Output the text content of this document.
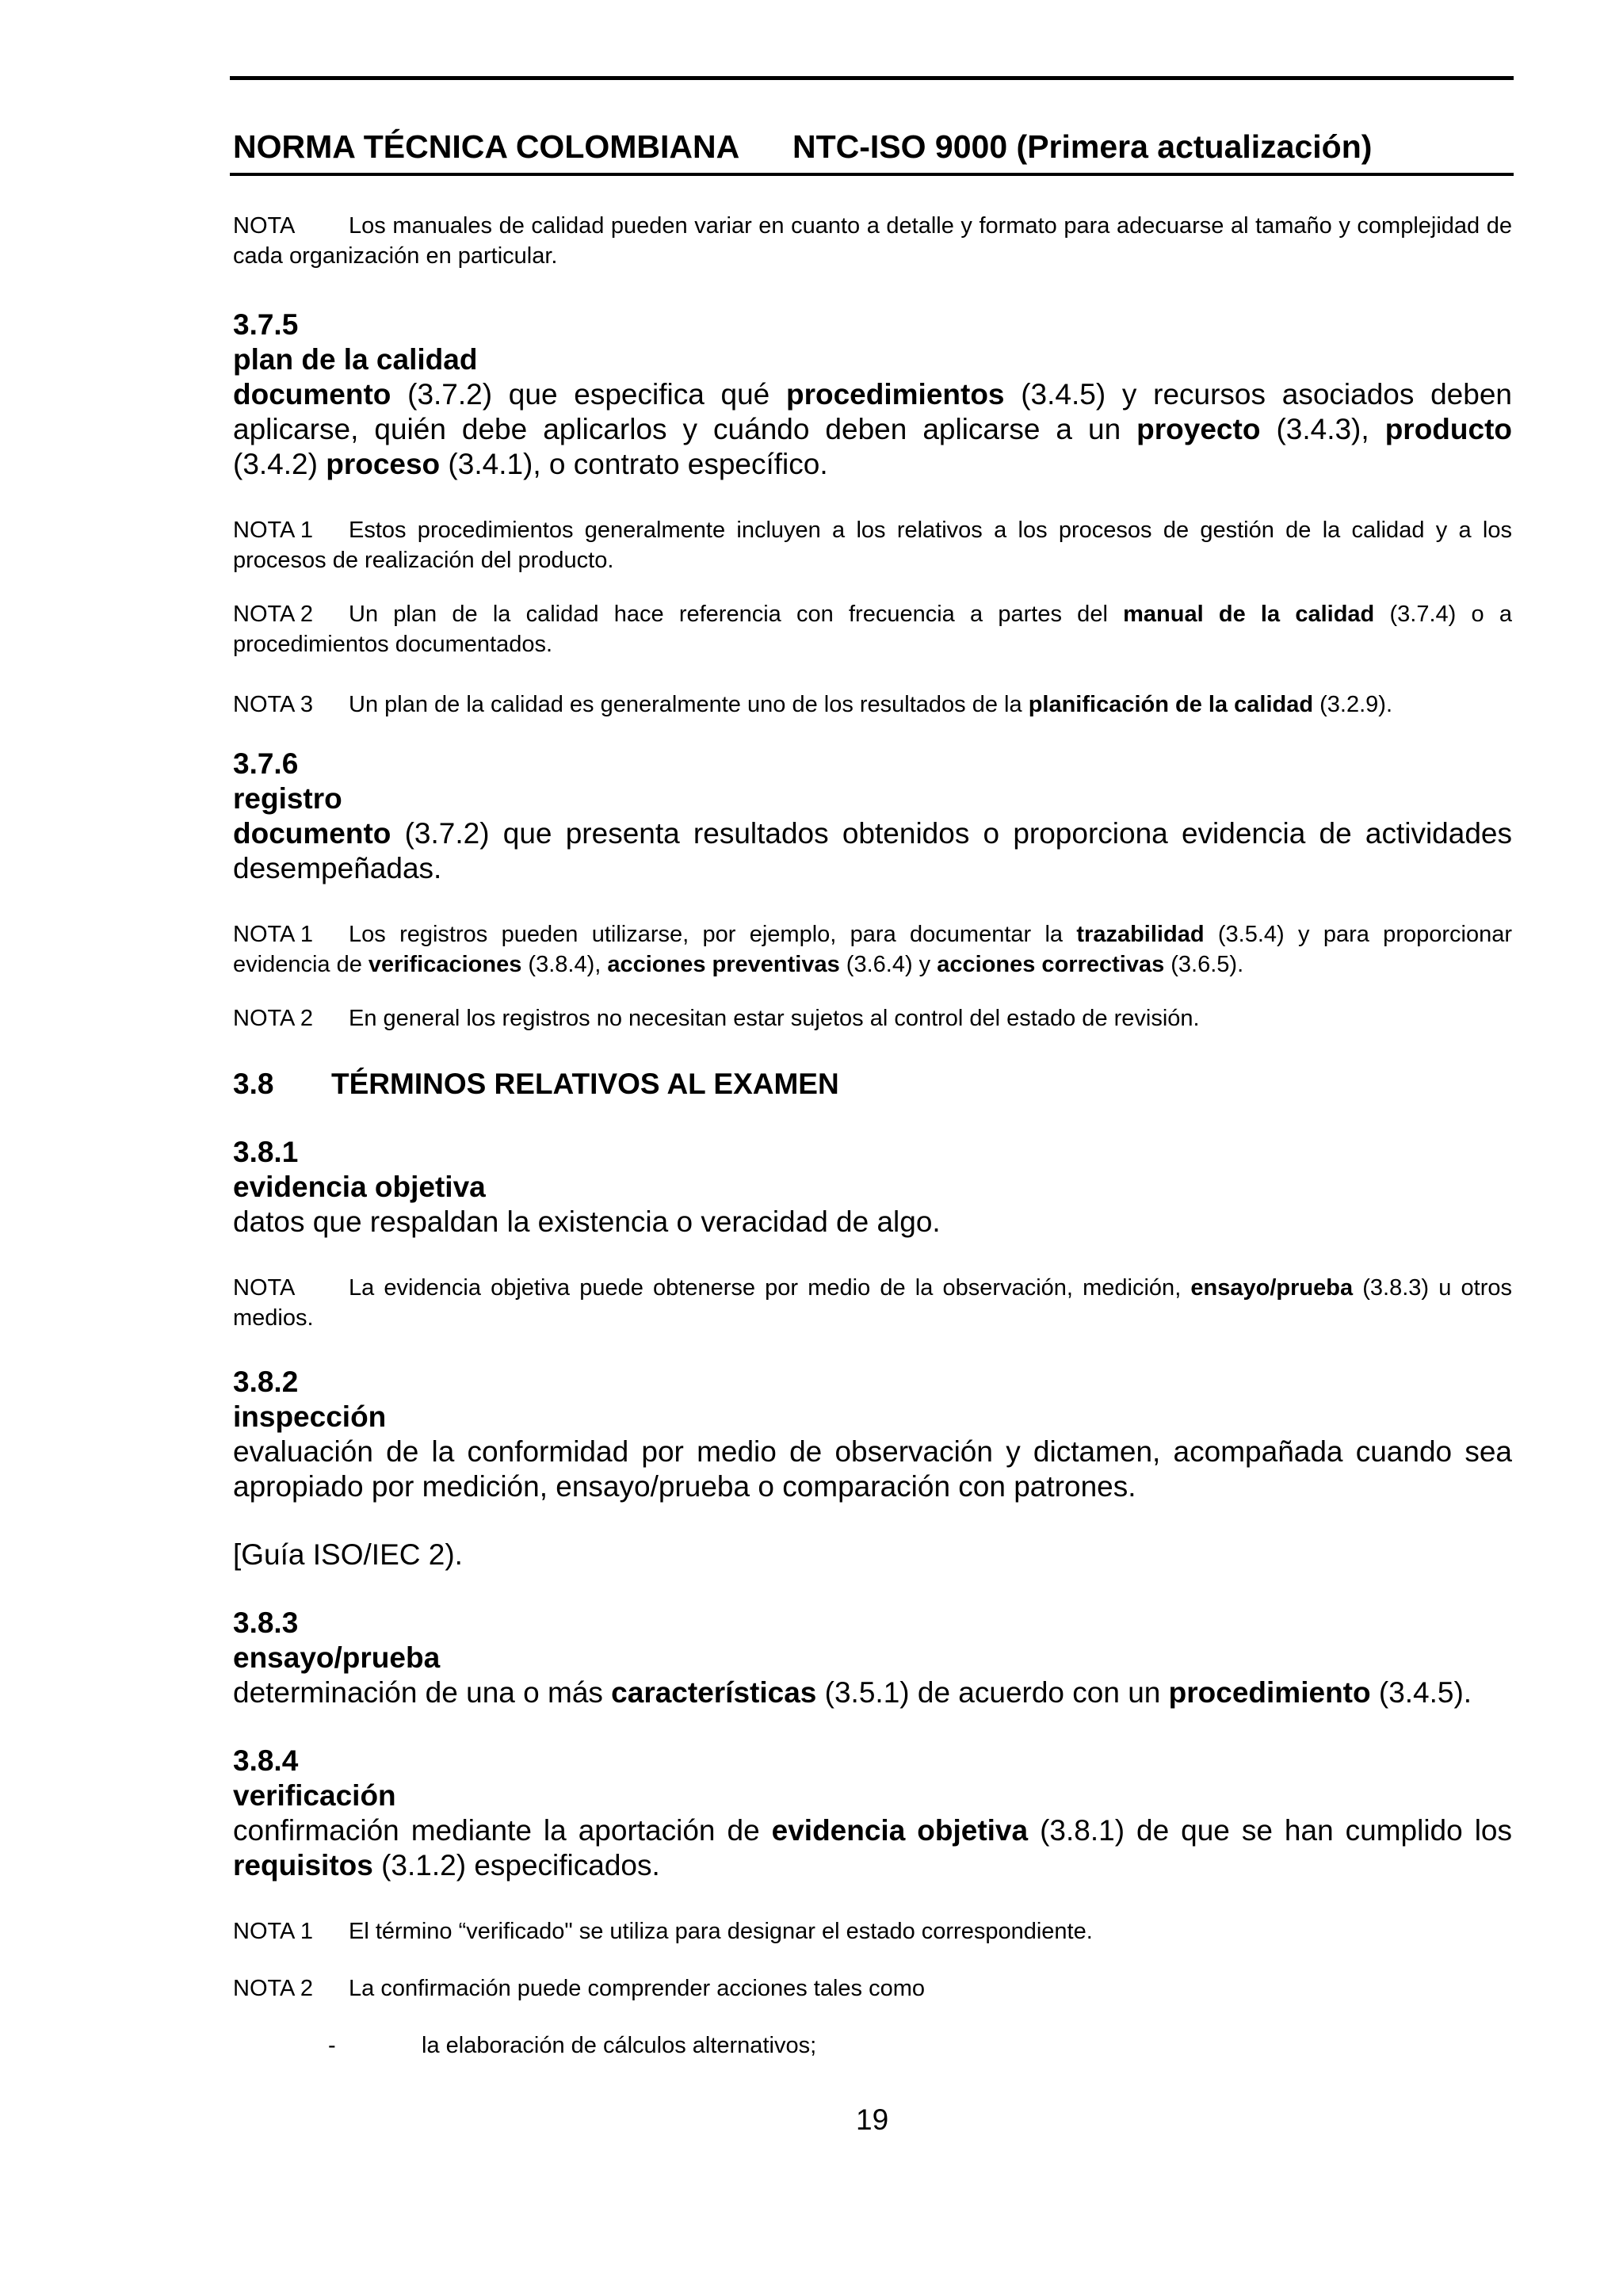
NORMA TÉCNICA COLOMBIANA NTC-ISO 9000 (Primera actualización)

NOTA Los manuales de calidad pueden variar en cuanto a detalle y formato para adecuarse al tamaño y complejidad de cada organización en particular.

3.7.5

plan de la calidad

documento (3.7.2) que especifica qué procedimientos (3.4.5) y recursos asociados deben aplicarse, quién debe aplicarlos y cuándo deben aplicarse a un proyecto (3.4.3), producto (3.4.2) proceso (3.4.1), o contrato específico.

NOTA 1 Estos procedimientos generalmente incluyen a los relativos a los procesos de gestión de la calidad y a los procesos de realización del producto.

NOTA 2 Un plan de la calidad hace referencia con frecuencia a partes del manual de la calidad (3.7.4) o a procedimientos documentados.

NOTA 3 Un plan de la calidad es generalmente uno de los resultados de la planificación de la calidad (3.2.9).

3.7.6

registro

documento (3.7.2) que presenta resultados obtenidos o proporciona evidencia de actividades desempeñadas.

NOTA 1 Los registros pueden utilizarse, por ejemplo, para documentar la trazabilidad (3.5.4) y para proporcionar evidencia de verificaciones (3.8.4), acciones preventivas (3.6.4) y acciones correctivas (3.6.5).

NOTA 2 En general los registros no necesitan estar sujetos al control del estado de revisión.

3.8 TÉRMINOS RELATIVOS AL EXAMEN

3.8.1

evidencia objetiva

datos que respaldan la existencia o veracidad de algo.

NOTA La evidencia objetiva puede obtenerse por medio de la observación, medición, ensayo/prueba (3.8.3) u otros medios.

3.8.2

inspección

evaluación de la conformidad por medio de observación y dictamen, acompañada cuando sea apropiado por medición, ensayo/prueba o comparación con patrones.

[Guía ISO/IEC 2).

3.8.3

ensayo/prueba

determinación de una o más características (3.5.1) de acuerdo con un procedimiento (3.4.5).

3.8.4

verificación

confirmación mediante la aportación de evidencia objetiva (3.8.1) de que se han cumplido los requisitos (3.1.2) especificados.

NOTA 1 El término “verificado" se utiliza para designar el estado correspondiente.

NOTA 2 La confirmación puede comprender acciones tales como

-	la elaboración de cálculos alternativos;

19
